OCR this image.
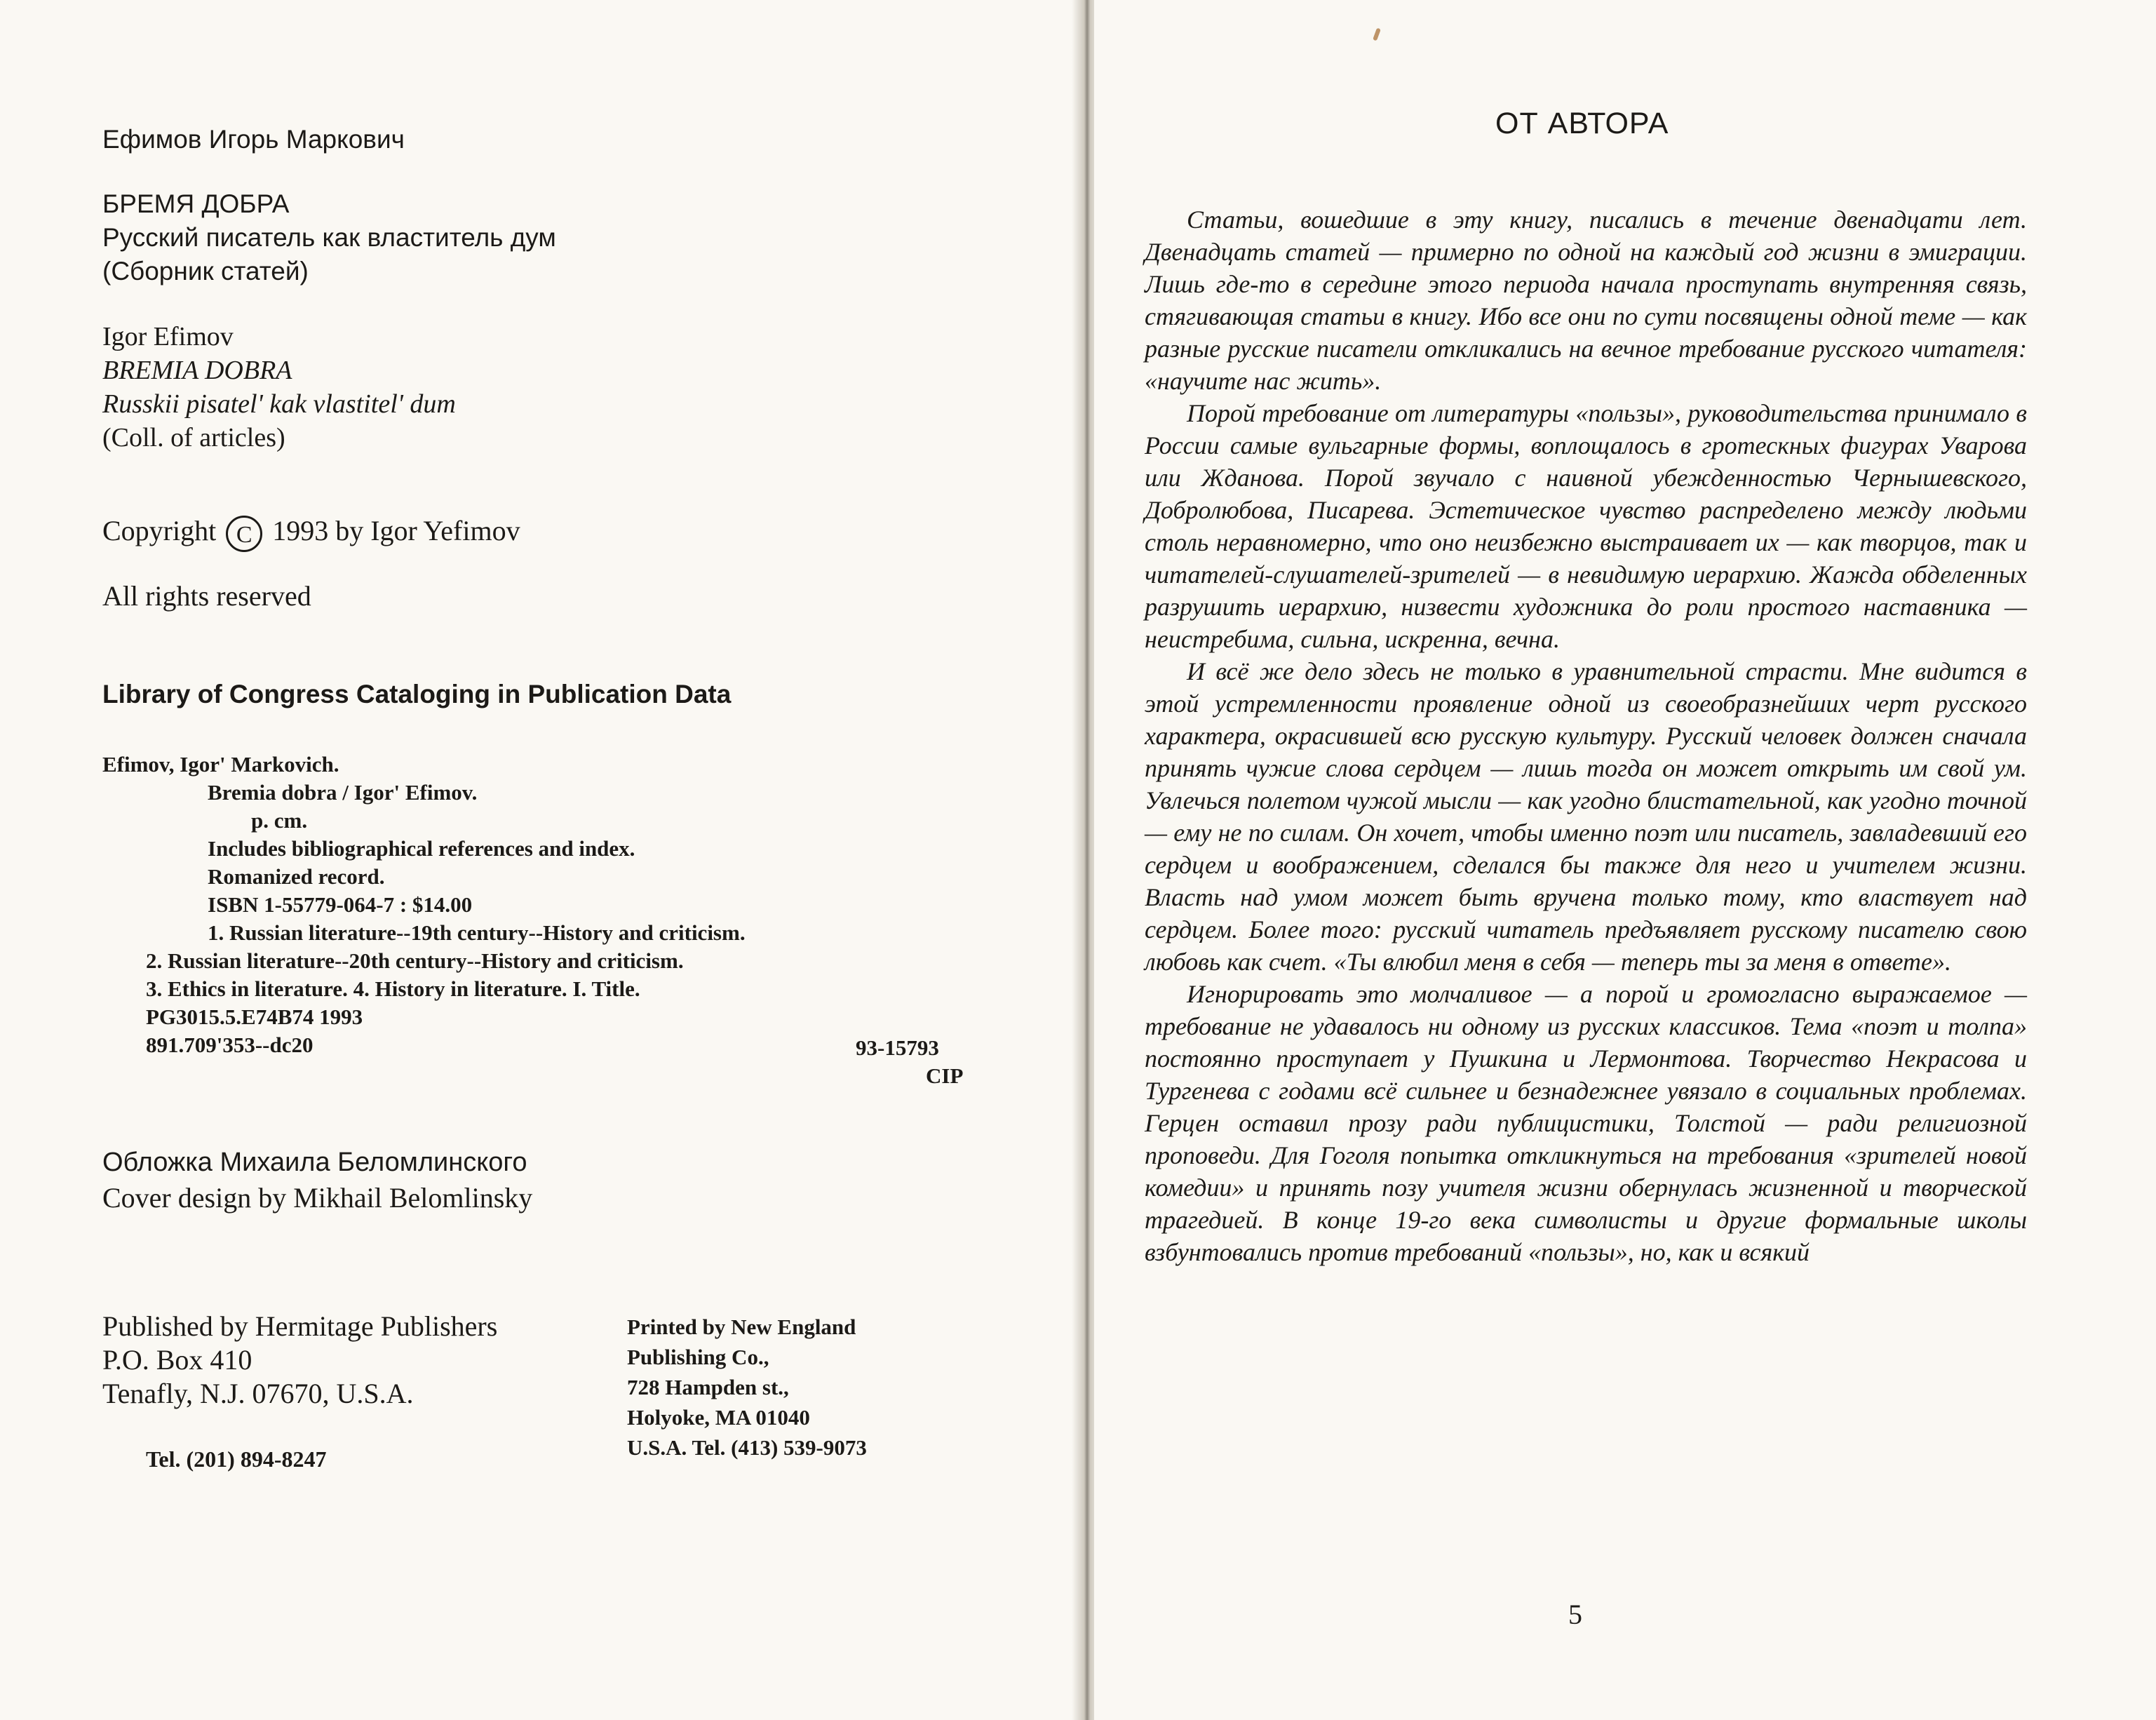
Ефимов Игорь Маркович
БРЕМЯ ДОБРА
Русский писатель как властитель дум
(Сборник статей)
Igor Efimov
BREMIA DOBRA
Russkii pisatel' kak vlastitel' dum
(Coll. of articles)
Copyright C 1993 by Igor Yefimov
All rights reserved
Library of Congress Cataloging in Publication Data
Efimov, Igor' Markovich.
Bremia dobra / Igor' Efimov.
p. cm.
Includes bibliographical references and index.
Romanized record.
ISBN 1-55779-064-7 : $14.00
1. Russian literature--19th century--History and criticism.
2. Russian literature--20th century--History and criticism.
3. Ethics in literature. 4. History in literature. I. Title.
PG3015.5.E74B74 1993
891.709'353--dc20	93-15793
CIP
Обложка Михаила Беломлинского
Cover design by Mikhail Belomlinsky
Published by Hermitage Publishers
P.O. Box 410
Tenafly, N.J. 07670, U.S.A.
Tel. (201) 894-8247
Printed by New England
Publishing Co.,
728 Hampden st.,
Holyoke, MA 01040
U.S.A. Tel. (413) 539-9073
ОТ АВТОРА

Статьи, вошедшие в эту книгу, писались в течение двенадцати лет. Двенадцать статей — примерно по одной на каждый год жизни в эмиграции. Лишь где-то в середине этого периода начала проступать внутренняя связь, стягивающая статьи в книгу. Ибо все они по сути посвящены одной теме — как разные русские писатели откликались на вечное требование русского читателя: «научите нас жить».

Порой требование от литературы «пользы», руководительства принимало в России самые вульгарные формы, воплощалось в гротескных фигурах Уварова или Жданова. Порой звучало с наивной убежденностью Чернышевского, Добролюбова, Писарева. Эстетическое чувство распределено между людьми столь неравномерно, что оно неизбежно выстраивает их — как творцов, так и читателей-слушателей-зрителей — в невидимую иерархию. Жажда обделенных разрушить иерархию, низвести художника до роли простого наставника — неистребима, сильна, искренна, вечна.

И всё же дело здесь не только в уравнительной страсти. Мне видится в этой устремленности проявление одной из своеобразнейших черт русского характера, окрасившей всю русскую культуру. Русский человек должен сначала принять чужие слова сердцем — лишь тогда он может открыть им свой ум. Увлечься полетом чужой мысли — как угодно блистательной, как угодно точной — ему не по силам. Он хочет, чтобы именно поэт или писатель, завладевший его сердцем и воображением, сделался бы также для него и учителем жизни. Власть над умом может быть вручена только тому, кто властвует над сердцем. Более того: русский читатель предъявляет русскому писателю свою любовь как счет. «Ты влюбил меня в себя — теперь ты за меня в ответе».

Игнорировать это молчаливое — а порой и громогласно выражаемое — требование не удавалось ни одному из русских классиков. Тема «поэт и толпа» постоянно проступает у Пушкина и Лермонтова. Творчество Некрасова и Тургенева с годами всё сильнее и безнадежнее увязало в социальных проблемах. Герцен оставил прозу ради публицистики, Толстой — ради религиозной проповеди. Для Гоголя попытка откликнуться на требования «зрителей новой комедии» и принять позу учителя жизни обернулась жизненной и творческой трагедией. В конце 19-го века символисты и другие формальные школы взбунтовались против требований «пользы», но, как и всякий

5
